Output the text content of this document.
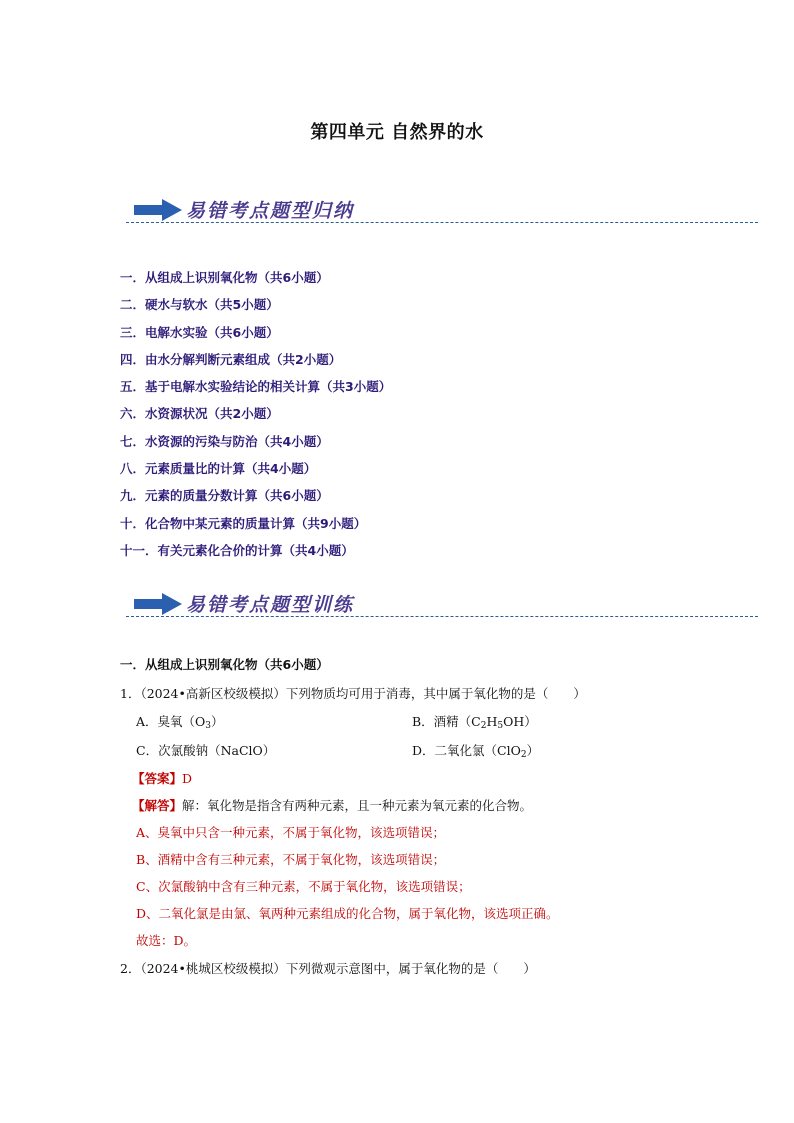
第四单元 自然界的水
易错考点题型归纳
一．从组成上识别氧化物（共6小题）
二．硬水与软水（共5小题）
三．电解水实验（共6小题）
四．由水分解判断元素组成（共2小题）
五．基于电解水实验结论的相关计算（共3小题）
六．水资源状况（共2小题）
七．水资源的污染与防治（共4小题）
八．元素质量比的计算（共4小题）
九．元素的质量分数计算（共6小题）
十．化合物中某元素的质量计算（共9小题）
十一．有关元素化合价的计算（共4小题）
易错考点题型训练
一．从组成上识别氧化物（共6小题）
1．（2024•高新区校级模拟）下列物质均可用于消毒，其中属于氧化物的是（　　）
A．臭氧$(O_3)$	B．酒精$(C_2H_5OH)$
C．次氯酸钠（NaClO）	D．二氧化氯（ClO$_2$）
【答案】D
【解答】解：氧化物是指含有两种元素，且一种元素为氧元素的化合物。
A、臭氧中只含一种元素，不属于氧化物，该选项错误；
B、酒精中含有三种元素，不属于氧化物，该选项错误；
C、次氯酸钠中含有三种元素，不属于氧化物，该选项错误；
D、二氧化氯是由氯、氧两种元素组成的化合物，属于氧化物，该选项正确。
故选：D。
2．（2024•桃城区校级模拟）下列微观示意图中，属于氧化物的是（　　）
